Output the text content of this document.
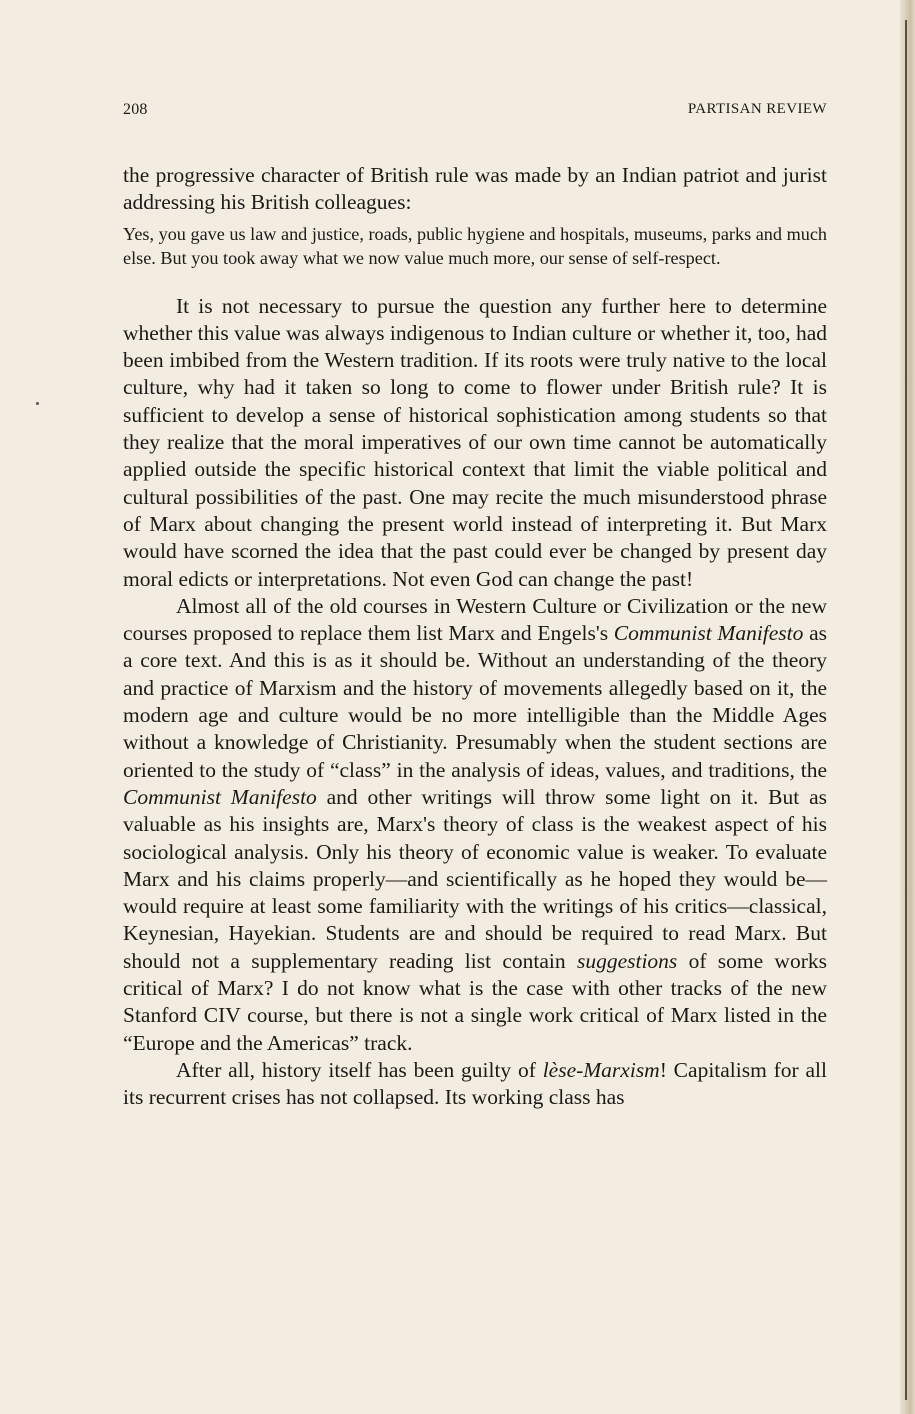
208	PARTISAN REVIEW

the progressive character of British rule was made by an Indian patriot and jurist addressing his British colleagues:

Yes, you gave us law and justice, roads, public hygiene and hospitals, museums, parks and much else. But you took away what we now value much more, our sense of self-respect.

It is not necessary to pursue the question any further here to determine whether this value was always indigenous to Indian culture or whether it, too, had been imbibed from the Western tradition. If its roots were truly native to the local culture, why had it taken so long to come to flower under British rule? It is sufficient to develop a sense of historical sophistication among students so that they realize that the moral imperatives of our own time cannot be automatically applied outside the specific historical context that limit the viable political and cultural possibilities of the past. One may recite the much misunderstood phrase of Marx about changing the present world instead of interpreting it. But Marx would have scorned the idea that the past could ever be changed by present day moral edicts or interpretations. Not even God can change the past!

Almost all of the old courses in Western Culture or Civilization or the new courses proposed to replace them list Marx and Engels's Communist Manifesto as a core text. And this is as it should be. Without an understanding of the theory and practice of Marxism and the history of movements allegedly based on it, the modern age and culture would be no more intelligible than the Middle Ages without a knowledge of Christianity. Presumably when the student sections are oriented to the study of “class” in the analysis of ideas, values, and traditions, the Communist Manifesto and other writings will throw some light on it. But as valuable as his insights are, Marx's theory of class is the weakest aspect of his sociological analysis. Only his theory of economic value is weaker. To evaluate Marx and his claims properly—and scientifically as he hoped they would be—would require at least some familiarity with the writings of his critics—classical, Keynesian, Hayekian. Students are and should be required to read Marx. But should not a supplementary reading list contain suggestions of some works critical of Marx? I do not know what is the case with other tracks of the new Stanford CIV course, but there is not a single work critical of Marx listed in the “Europe and the Americas” track.

After all, history itself has been guilty of lèse-Marxism! Capitalism for all its recurrent crises has not collapsed. Its working class has
